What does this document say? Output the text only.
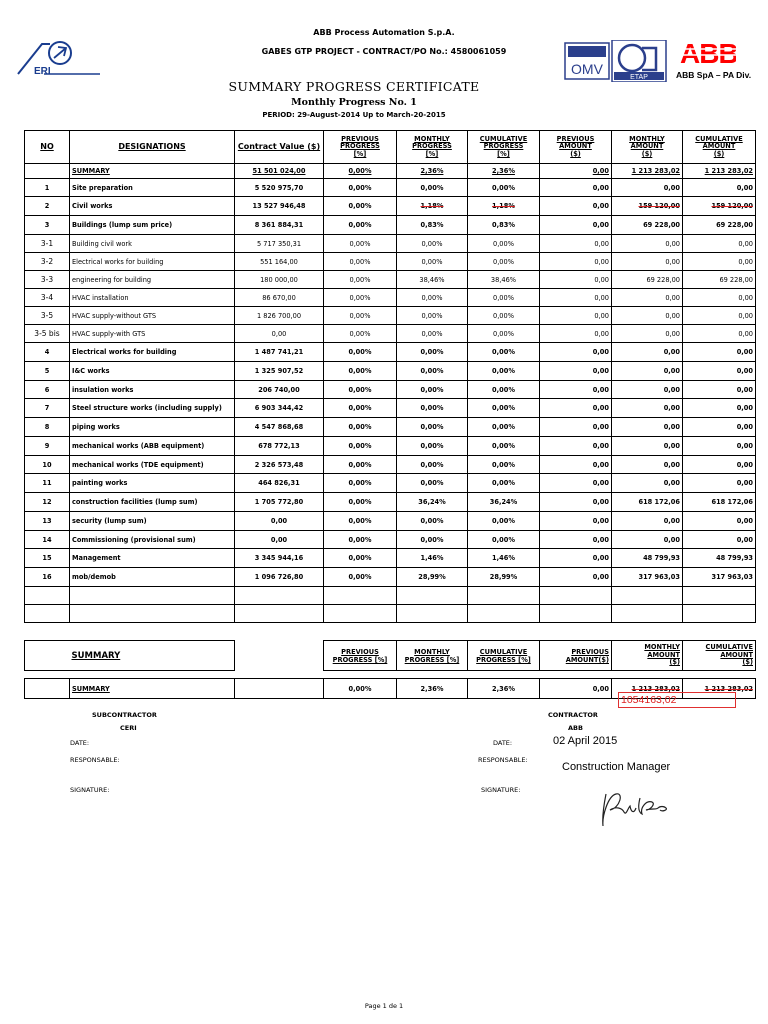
ERI
ABB Process Automation S.p.A.
GABES GTP PROJECT - CONTRACT/PO No.: 4580061059
OMV
ETAP
ABB
ABB SpA – PA Div.
SUMMARY PROGRESS CERTIFICATE
Monthly Progress No. 1
PERIOD: 29-August-2014 Up to March-20-2015
NO	DESIGNATIONS	Contract Value ($)	PREVIOUS
PROGRESS
[%]	MONTHLY
PROGRESS
[%]	CUMULATIVE
PROGRESS
[%]	PREVIOUS
AMOUNT
($)	MONTHLY
AMOUNT
($)	CUMULATIVE
AMOUNT
($)
	SUMMARY	51 501 024,00	0,00%	2,36%	2,36%	0,00	1 213 283,02	1 213 283,02
1	Site preparation	5 520 975,70	0,00%	0,00%	0,00%	0,00	0,00	0,00
2	Civil works	13 527 946,48	0,00%	1,18%	1,18%	0,00	159 120,00	159 120,00
3	Buildings (lump sum price)	8 361 884,31	0,00%	0,83%	0,83%	0,00	69 228,00	69 228,00
3-1	Building civil work	5 717 350,31	0,00%	0,00%	0,00%	0,00	0,00	0,00
3-2	Electrical works for building	551 164,00	0,00%	0,00%	0,00%	0,00	0,00	0,00
3-3	engineering for building	180 000,00	0,00%	38,46%	38,46%	0,00	69 228,00	69 228,00
3-4	HVAC installation	86 670,00	0,00%	0,00%	0,00%	0,00	0,00	0,00
3-5	HVAC supply-without GTS	1 826 700,00	0,00%	0,00%	0,00%	0,00	0,00	0,00
3-5 bis	HVAC supply-with GTS	0,00	0,00%	0,00%	0,00%	0,00	0,00	0,00
4	Electrical works for building	1 487 741,21	0,00%	0,00%	0,00%	0,00	0,00	0,00
5	I&C works	1 325 907,52	0,00%	0,00%	0,00%	0,00	0,00	0,00
6	insulation works	206 740,00	0,00%	0,00%	0,00%	0,00	0,00	0,00
7	Steel structure works (including supply)	6 903 344,42	0,00%	0,00%	0,00%	0,00	0,00	0,00
8	piping works	4 547 868,68	0,00%	0,00%	0,00%	0,00	0,00	0,00
9	mechanical works (ABB equipment)	678 772,13	0,00%	0,00%	0,00%	0,00	0,00	0,00
10	mechanical works (TDE equipment)	2 326 573,48	0,00%	0,00%	0,00%	0,00	0,00	0,00
11	painting works	464 826,31	0,00%	0,00%	0,00%	0,00	0,00	0,00
12	construction facilities (lump sum)	1 705 772,80	0,00%	36,24%	36,24%	0,00	618 172,06	618 172,06
13	security (lump sum)	0,00	0,00%	0,00%	0,00%	0,00	0,00	0,00
14	Commissioning (provisional sum)	0,00	0,00%	0,00%	0,00%	0,00	0,00	0,00
15	Management	3 345 944,16	0,00%	1,46%	1,46%	0,00	48 799,93	48 799,93
16	mob/demob	1 096 726,80	0,00%	28,99%	28,99%	0,00	317 963,03	317 963,03

	SUMMARY		PREVIOUS
PROGRESS [%]	MONTHLY
PROGRESS [%]	CUMULATIVE
PROGRESS [%]	PREVIOUS
AMOUNT($)	MONTHLY
AMOUNT
($)	CUMULATIVE
AMOUNT
($)

	SUMMARY		0,00%	2,36%	2,36%	0,00	1 213 283,02	1 213 283,02
1054163,02
SUBCONTRACTOR
CERI
DATE:
RESPONSABLE:
SIGNATURE:
CONTRACTOR
ABB
DATE:	02 April 2015
RESPONSABLE:
Construction Manager
SIGNATURE:
Page 1 de 1
